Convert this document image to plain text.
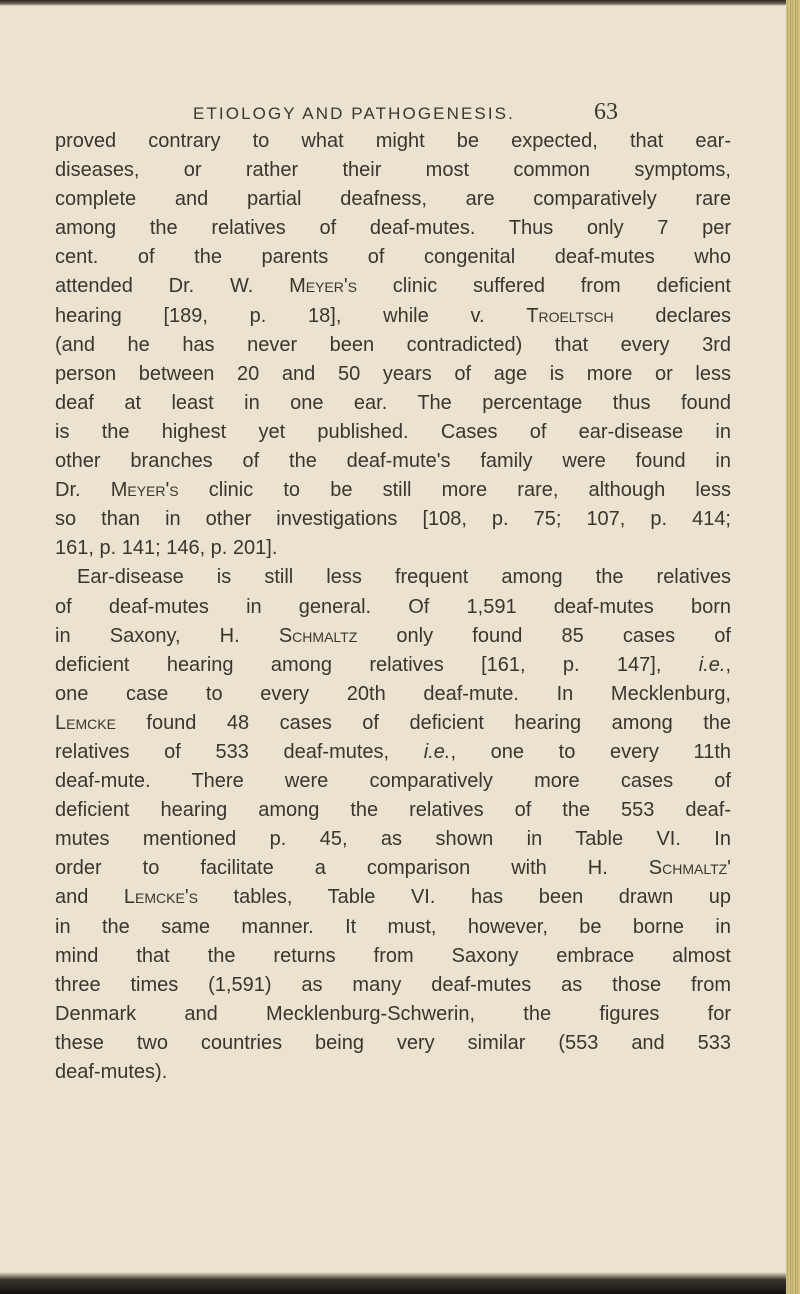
ETIOLOGY AND PATHOGENESIS.	63

proved contrary to what might be expected, that ear-
diseases, or rather their most common symptoms,
complete and partial deafness, are comparatively rare
among the relatives of deaf-mutes. Thus only 7 per
cent. of the parents of congenital deaf-mutes who
attended Dr. W. Meyer's clinic suffered from deficient
hearing [189, p. 18], while v. Troeltsch declares
(and he has never been contradicted) that every 3rd
person between 20 and 50 years of age is more or less
deaf at least in one ear. The percentage thus found
is the highest yet published. Cases of ear-disease in
other branches of the deaf-mute's family were found in
Dr. Meyer's clinic to be still more rare, although less
so than in other investigations [108, p. 75; 107, p. 414;
161, p. 141; 146, p. 201].

Ear-disease is still less frequent among the relatives
of deaf-mutes in general. Of 1,591 deaf-mutes born
in Saxony, H. Schmaltz only found 85 cases of
deficient hearing among relatives [161, p. 147], i.e.,
one case to every 20th deaf-mute. In Mecklenburg,
Lemcke found 48 cases of deficient hearing among the
relatives of 533 deaf-mutes, i.e., one to every 11th
deaf-mute. There were comparatively more cases of
deficient hearing among the relatives of the 553 deaf-
mutes mentioned p. 45, as shown in Table VI. In
order to facilitate a comparison with H. Schmaltz'
and Lemcke's tables, Table VI. has been drawn up
in the same manner. It must, however, be borne in
mind that the returns from Saxony embrace almost
three times (1,591) as many deaf-mutes as those from
Denmark and Mecklenburg-Schwerin, the figures for
these two countries being very similar (553 and 533
deaf-mutes).
